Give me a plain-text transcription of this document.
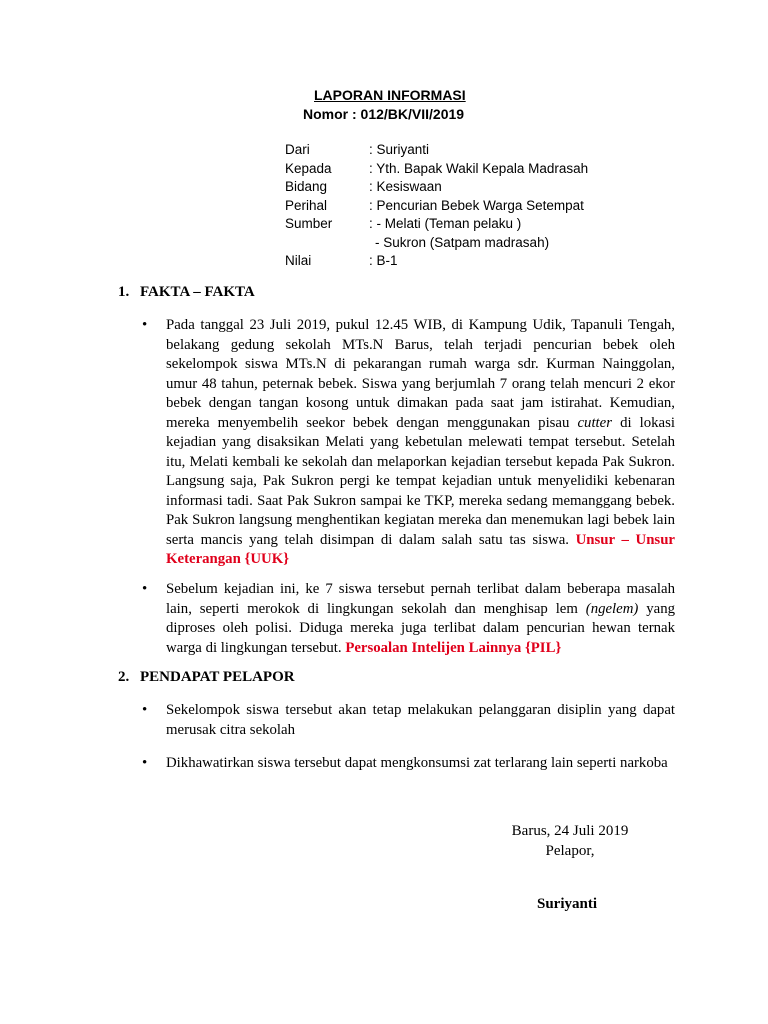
LAPORAN INFORMASI
Nomor : 012/BK/VII/2019
Dari	: Suriyanti
Kepada	: Yth. Bapak Wakil Kepala Madrasah
Bidang	: Kesiswaan
Perihal	: Pencurian Bebek Warga Setempat
Sumber	: - Melati (Teman pelaku )
- Sukron (Satpam madrasah)
Nilai	: B-1
1. FAKTA – FAKTA
•	Pada tanggal 23 Juli 2019, pukul 12.45 WIB, di Kampung Udik, Tapanuli Tengah, belakang gedung sekolah MTs.N Barus, telah terjadi pencurian bebek oleh sekelompok siswa MTs.N di pekarangan rumah warga sdr. Kurman Nainggolan, umur 48 tahun, peternak bebek. Siswa yang berjumlah 7 orang telah mencuri 2 ekor bebek dengan tangan kosong untuk dimakan pada saat jam istirahat. Kemudian, mereka menyembelih seekor bebek dengan menggunakan pisau cutter di lokasi kejadian yang disaksikan Melati yang kebetulan melewati tempat tersebut. Setelah itu, Melati kembali ke sekolah dan melaporkan kejadian tersebut kepada Pak Sukron. Langsung saja, Pak Sukron pergi ke tempat kejadian untuk menyelidiki kebenaran informasi tadi. Saat Pak Sukron sampai ke TKP, mereka sedang memanggang bebek. Pak Sukron langsung menghentikan kegiatan mereka dan menemukan lagi bebek lain serta mancis yang telah disimpan di dalam salah satu tas siswa. Unsur – Unsur Keterangan {UUK}

•	Sebelum kejadian ini, ke 7 siswa tersebut pernah terlibat dalam beberapa masalah lain, seperti merokok di lingkungan sekolah dan menghisap lem (ngelem) yang diproses oleh polisi. Diduga mereka juga terlibat dalam pencurian hewan ternak warga di lingkungan tersebut. Persoalan Intelijen Lainnya {PIL}

2. PENDAPAT PELAPOR
•	Sekelompok siswa tersebut akan tetap melakukan pelanggaran disiplin yang dapat merusak citra sekolah

•	Dikhawatirkan siswa tersebut dapat mengkonsumsi zat terlarang lain seperti narkoba

Barus, 24 Juli 2019
Pelapor,
Suriyanti
